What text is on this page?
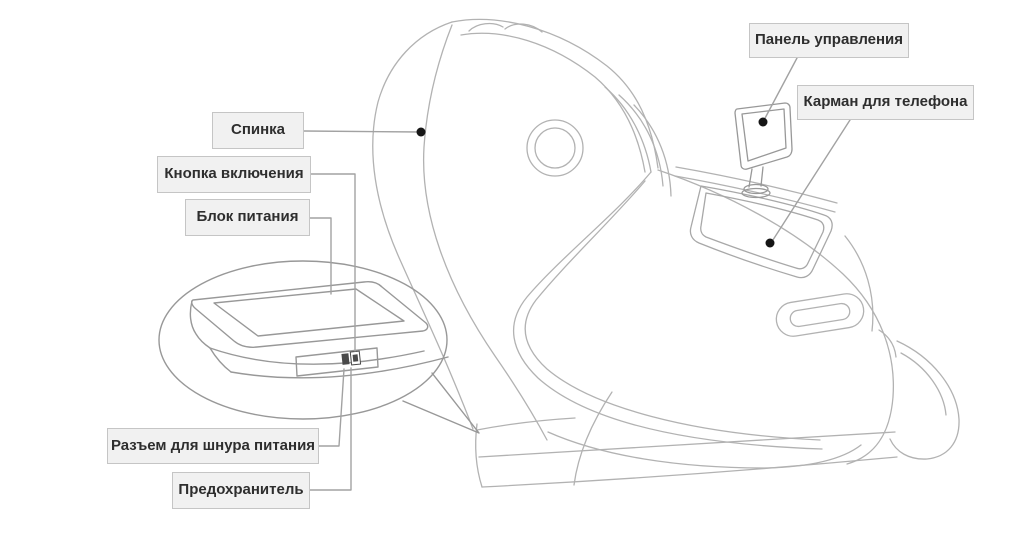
Спинка
Кнопка включения
Блок питания
Разъем для шнура питания
Предохранитель
Панель управления
Карман для телефона
